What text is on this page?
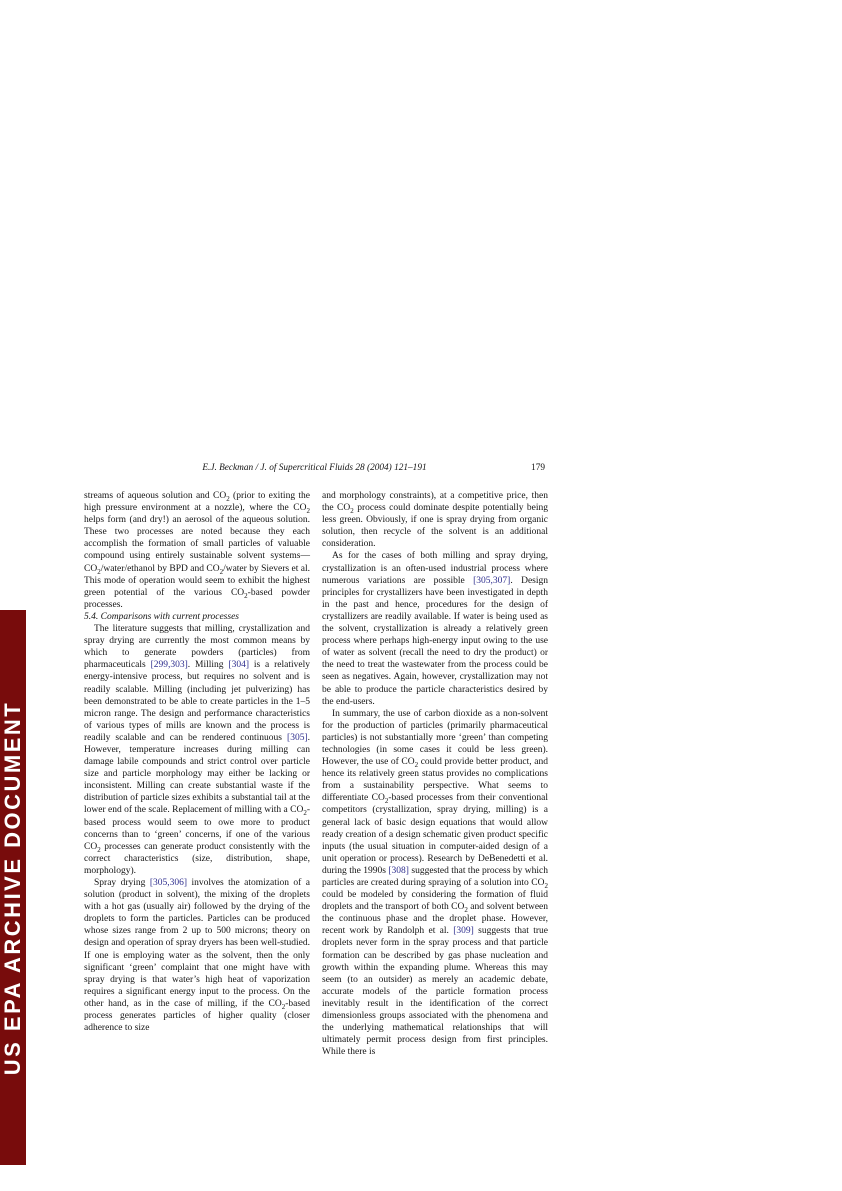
US EPA ARCHIVE DOCUMENT
E.J. Beckman / J. of Supercritical Fluids 28 (2004) 121–191	179

streams of aqueous solution and $CO_2$ (prior to exiting the high pressure environment at a nozzle), where the $CO_2$ helps form (and dry!) an aerosol of the aqueous solution. These two processes are noted because they each accomplish the formation of small particles of valuable compound using entirely sustainable solvent $systems—CO_2/water$/ethanol by BPD and $CO_2$/water by Sievers et al. This mode of operation would seem to exhibit the highest green potential of the various $CO_2$-based powder processes.

5.4. Comparisons with current processes

The literature suggests that milling, crystallization and spray drying are currently the most common means by which to generate powders (particles) from pharmaceuticals [299,303]. Milling [304] is a relatively energy-intensive process, but requires no solvent and is readily scalable. Milling (including jet pulverizing) has been demonstrated to be able to create particles in the 1–5 micron range. The design and performance characteristics of various types of mills are known and the process is readily scalable and can be rendered continuous [305]. However, temperature increases during milling can damage labile compounds and strict control over particle size and particle morphology may either be lacking or inconsistent. Milling can create substantial waste if the distribution of particle sizes exhibits a substantial tail at the lower end of the scale. Replacement of milling with a $CO_2$-based process would seem to owe more to product concerns than to ‘green’ concerns, if one of the various $CO_2$ processes can generate product consistently with the correct characteristics (size, distribution, shape, morphology).

Spray drying [305,306] involves the atomization of a solution (product in solvent), the mixing of the droplets with a hot gas (usually air) followed by the drying of the droplets to form the particles. Particles can be produced whose sizes range from 2 up to 500 microns; theory on design and operation of spray dryers has been well-studied. If one is employing water as the solvent, then the only significant ‘green’ complaint that one might have with spray drying is that water’s high heat of vaporization requires a significant energy input to the process. On the other hand, as in the case of milling, if the $CO_2$-based process generates particles of higher quality (closer adherence to size

and morphology constraints), at a competitive price, then the $CO_2$ process could dominate despite potentially being less green. Obviously, if one is spray drying from organic solution, then recycle of the solvent is an additional consideration.

As for the cases of both milling and spray drying, crystallization is an often-used industrial process where numerous variations are possible [305,307]. Design principles for crystallizers have been investigated in depth in the past and hence, procedures for the design of crystallizers are readily available. If water is being used as the solvent, crystallization is already a relatively green process where perhaps high-energy input owing to the use of water as solvent (recall the need to dry the product) or the need to treat the wastewater from the process could be seen as negatives. Again, however, crystallization may not be able to produce the particle characteristics desired by the end-users.

In summary, the use of carbon dioxide as a non-solvent for the production of particles (primarily pharmaceutical particles) is not substantially more ‘green’ than competing technologies (in some cases it could be less green). However, the use of $CO_2$ could provide better product, and hence its relatively green status provides no complications from a sustainability perspective. What seems to differentiate $CO_2$-based processes from their conventional competitors (crystallization, spray drying, milling) is a general lack of basic design equations that would allow ready creation of a design schematic given product specific inputs (the usual situation in computer-aided design of a unit operation or process). Research by DeBenedetti et al. during the 1990s [308] suggested that the process by which particles are created during spraying of a solution into $CO_2$ could be modeled by considering the formation of fluid droplets and the transport of both $CO_2$ and solvent between the continuous phase and the droplet phase. However, recent work by Randolph et al. [309] suggests that true droplets never form in the spray process and that particle formation can be described by gas phase nucleation and growth within the expanding plume. Whereas this may seem (to an outsider) as merely an academic debate, accurate models of the particle formation process inevitably result in the identification of the correct dimensionless groups associated with the phenomena and the underlying mathematical relationships that will ultimately permit process design from first principles. While there is
